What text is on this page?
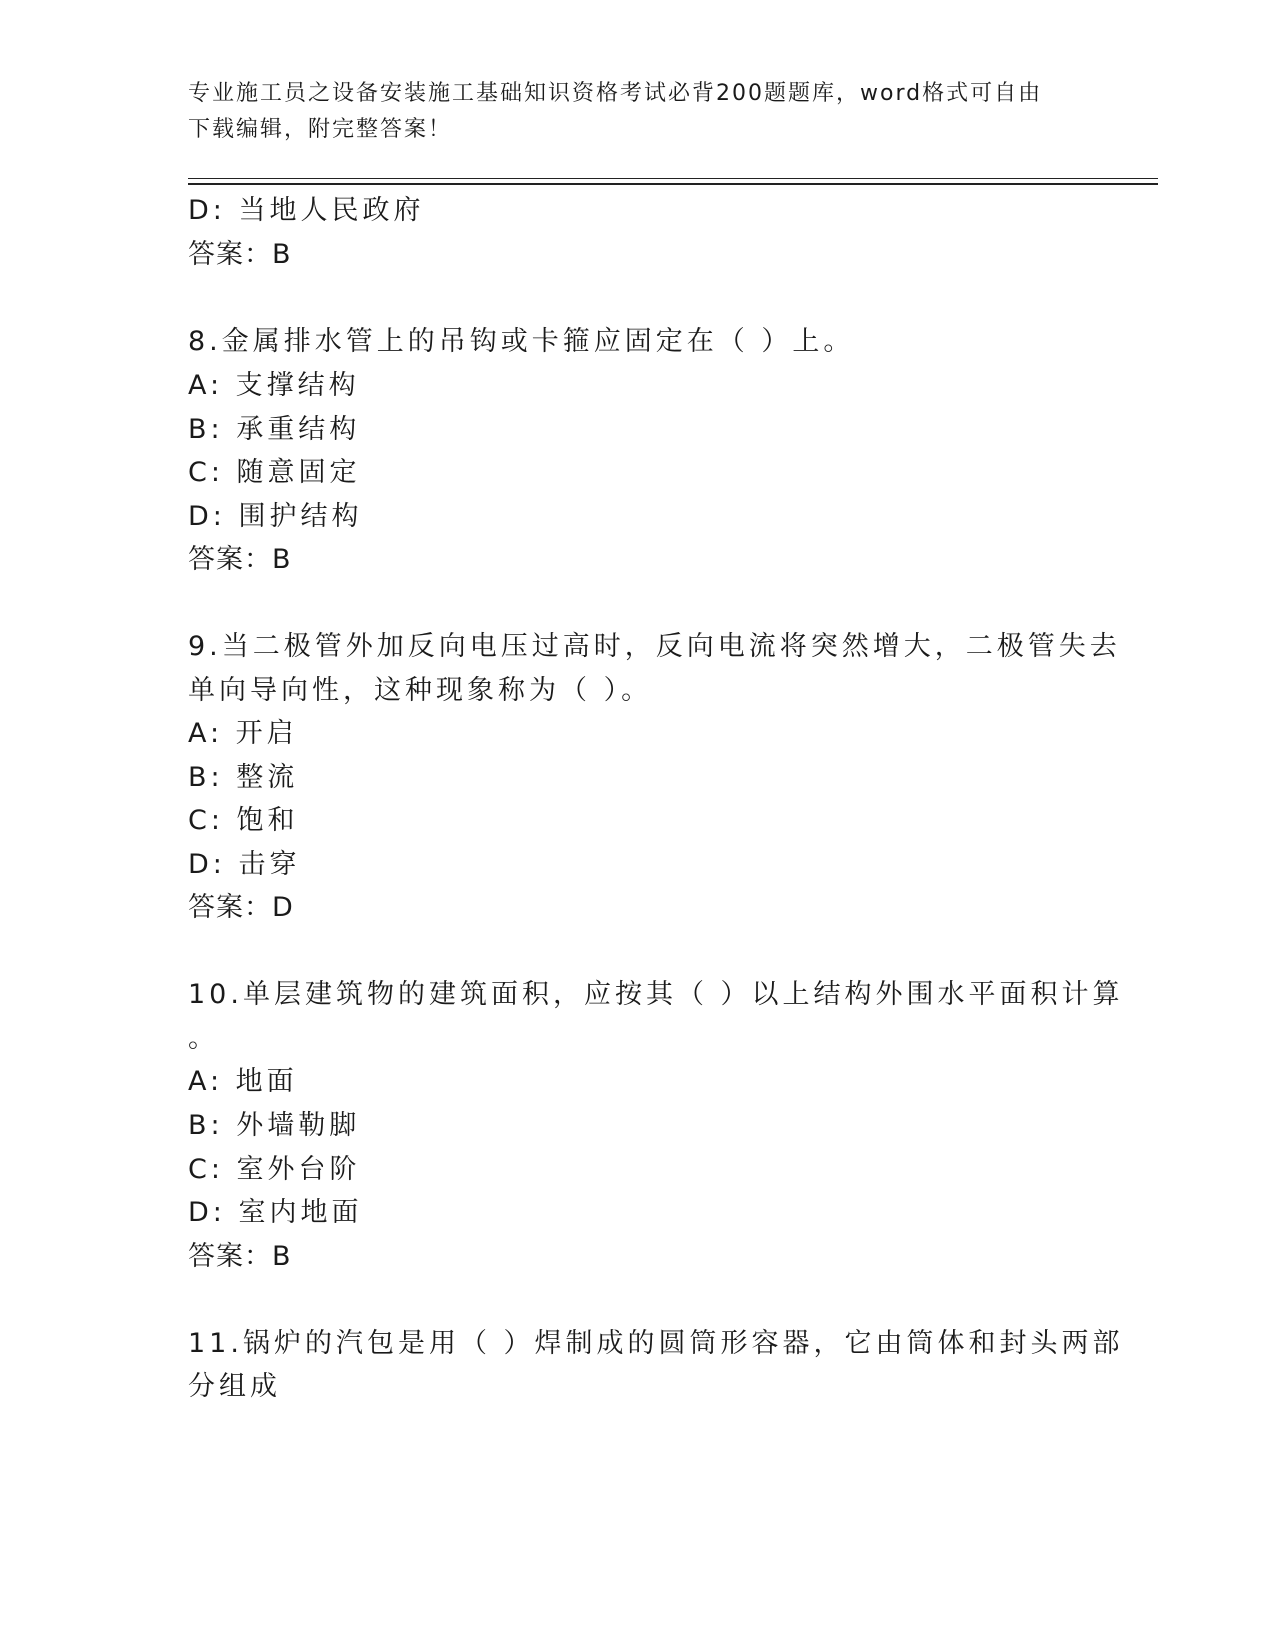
专业施工员之设备安装施工基础知识资格考试必背200题题库，word格式可自由
下载编辑，附完整答案！
D: 当地人民政府
答案：B
8.金属排水管上的吊钩或卡箍应固定在（ ）上。
A: 支撑结构
B: 承重结构
C: 随意固定
D: 围护结构
答案：B
9.当二极管外加反向电压过高时，反向电流将突然增大，二极管失去
单向导向性，这种现象称为（ ）。
A: 开启
B: 整流
C: 饱和
D: 击穿
答案：D
10.单层建筑物的建筑面积，应按其（ ）以上结构外围水平面积计算
。
A: 地面
B: 外墙勒脚
C: 室外台阶
D: 室内地面
答案：B
11.锅炉的汽包是用（ ）焊制成的圆筒形容器，它由筒体和封头两部
分组成
